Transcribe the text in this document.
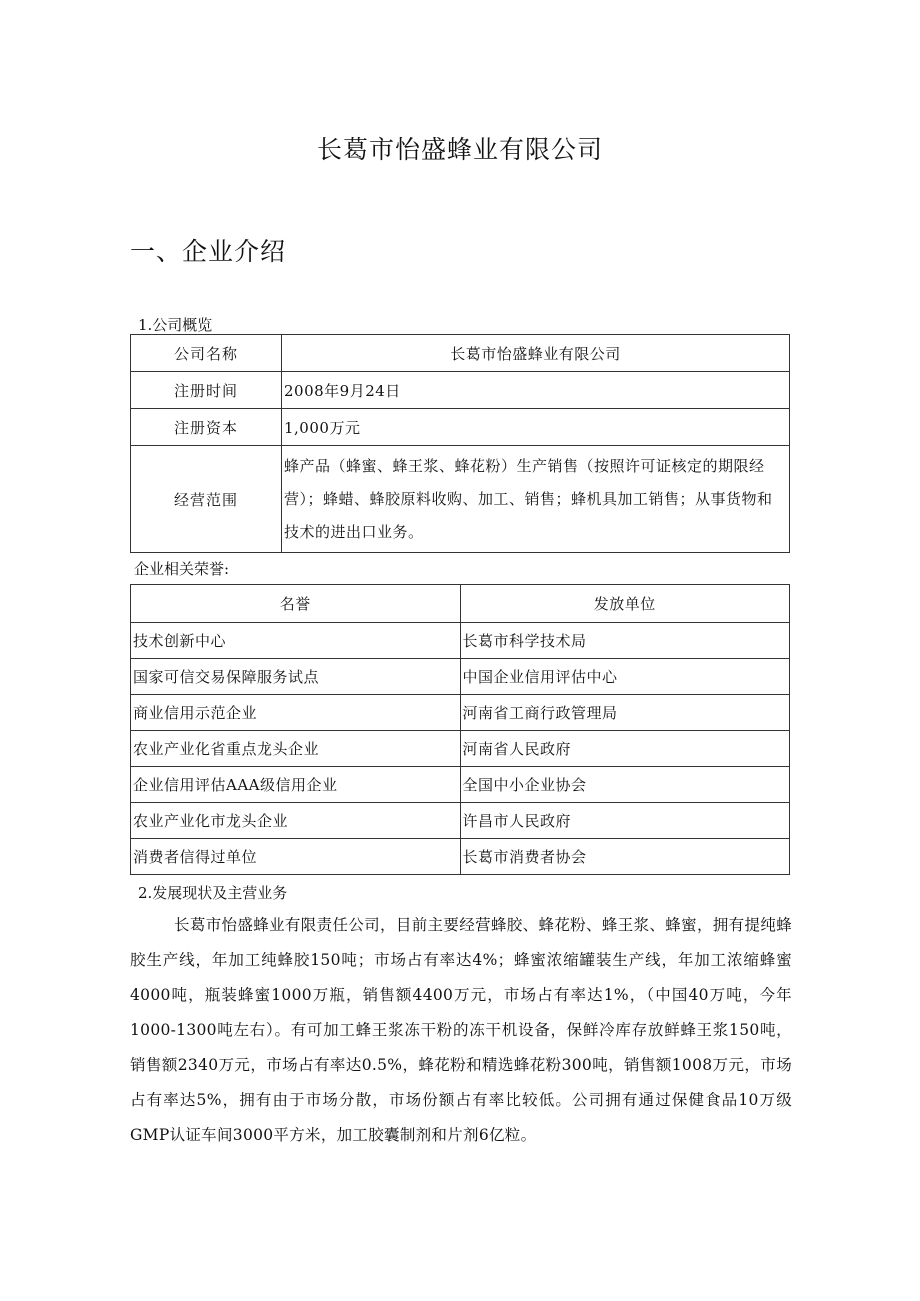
长葛市怡盛蜂业有限公司
一、企业介绍
1.公司概览
公司名称	长葛市怡盛蜂业有限公司
注册时间	2008年9月24日
注册资本	1,000万元
经营范围	蜂产品（蜂蜜、蜂王浆、蜂花粉）生产销售（按照许可证核定的期限经营）；蜂蜡、蜂胶原料收购、加工、销售；蜂机具加工销售；从事货物和技术的进出口业务。
企业相关荣誉:
名誉	发放单位
技术创新中心	长葛市科学技术局
国家可信交易保障服务试点	中国企业信用评估中心
商业信用示范企业	河南省工商行政管理局
农业产业化省重点龙头企业	河南省人民政府
企业信用评估AAA级信用企业	全国中小企业协会
农业产业化市龙头企业	许昌市人民政府
消费者信得过单位	长葛市消费者协会
2.发展现状及主营业务
长葛市怡盛蜂业有限责任公司，目前主要经营蜂胶、蜂花粉、蜂王浆、蜂蜜，拥有提纯蜂胶生产线，年加工纯蜂胶150吨；市场占有率达4%；蜂蜜浓缩罐装生产线，年加工浓缩蜂蜜4000吨，瓶装蜂蜜1000万瓶，销售额4400万元，市场占有率达1%，（中国40万吨，今年1000-1300吨左右）。有可加工蜂王浆冻干粉的冻干机设备，保鲜冷库存放鲜蜂王浆150吨，销售额2340万元，市场占有率达0.5%，蜂花粉和精选蜂花粉300吨，销售额1008万元，市场占有率达5%，拥有由于市场分散，市场份额占有率比较低。公司拥有通过保健食品10万级GMP认证车间3000平方米，加工胶囊制剂和片剂6亿粒。
